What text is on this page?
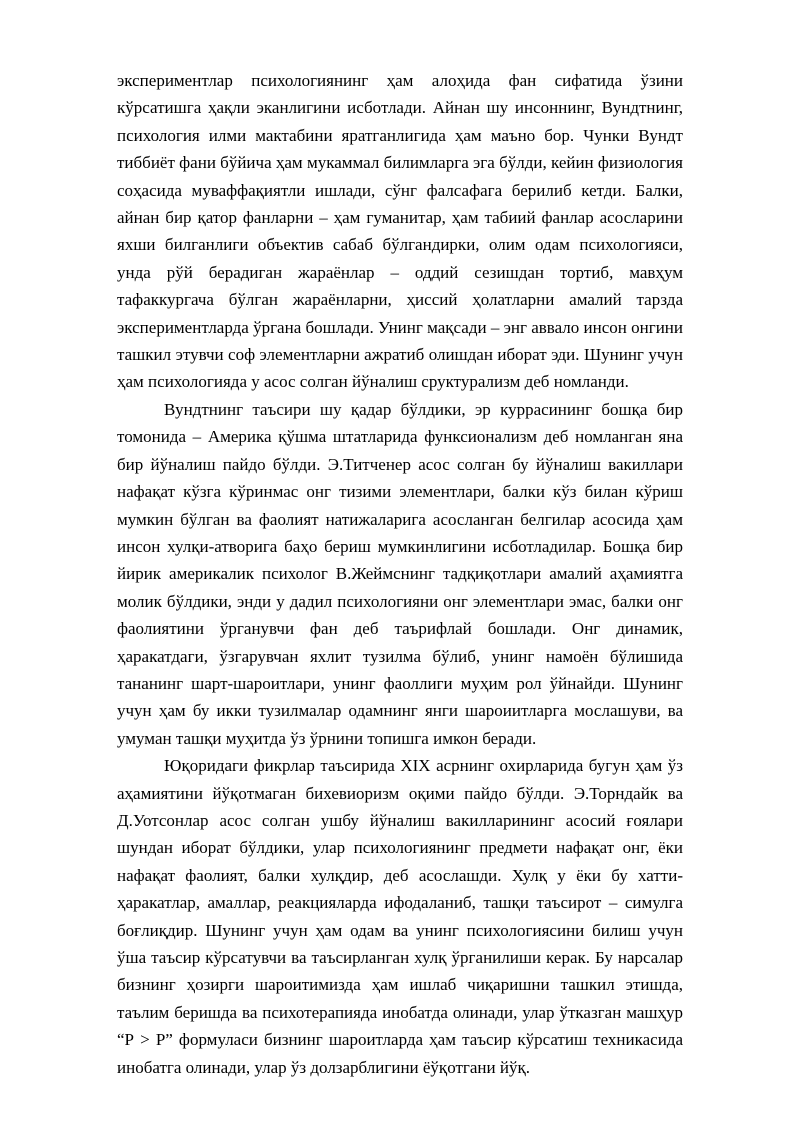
экспериментлар психологиянинг ҳам алоҳида фан сифатида ўзини кўрсатишга ҳақли эканлигини исботлади. Айнан шу инсоннинг, Вундтнинг, психология илми мактабини яратганлигида ҳам маъно бор. Чунки Вундт тиббиёт фани бўйича ҳам мукаммал билимларга эга бўлди, кейин физиология соҳасида муваффақиятли ишлади, сўнг фалсафага берилиб кетди. Балки, айнан бир қатор фанларни – ҳам гуманитар, ҳам табиий фанлар асосларини яхши билганлиги объектив сабаб бўлгандирки, олим одам психологияси, унда рўй берадиган жараёнлар – оддий сезишдан тортиб, мавҳум тафаккургача бўлган жараёнларни, ҳиссий ҳолатларни амалий тарзда экспериментларда ўргана бошлади. Унинг мақсади – энг аввало инсон онгини ташкил этувчи соф элементларни ажратиб олишдан иборат эди. Шунинг учун ҳам психологияда у асос солган йўналиш сруктурализм деб номланди.

Вундтнинг таъсири шу қадар бўлдики, эр куррасининг бошқа бир томонида – Америка қўшма штатларида функсионализм деб номланган яна бир йўналиш пайдо бўлди. Э.Титченер асос солган бу йўналиш вакиллари нафақат кўзга кўринмас онг тизими элементлари, балки кўз билан кўриш мумкин бўлган ва фаолият натижаларига асосланган белгилар асосида ҳам инсон хулқи-атворига баҳо бериш мумкинлигини исботладилар. Бошқа бир йирик америкалик психолог В.Жеймснинг тадқиқотлари амалий аҳамиятга молик бўлдики, энди у дадил психологияни онг элементлари эмас, балки онг фаолиятини ўрганувчи фан деб таърифлай бошлади. Онг динамик, ҳаракатдаги, ўзгарувчан яхлит тузилма бўлиб, унинг намоён бўлишида тананинг шарт-шароитлари, унинг фаоллиги муҳим рол ўйнайди. Шунинг учун ҳам бу икки тузилмалар одамнинг янги шароиитларга мослашуви, ва умуман ташқи муҳитда ўз ўрнини топишга имкон беради.

Юқоридаги фикрлар таъсирида XIX асрнинг охирларида бугун ҳам ўз аҳамиятини йўқотмаган бихевиоризм оқими пайдо бўлди. Э.Торндайк ва Д.Уотсонлар асос солган ушбу йўналиш вакилларининг асосий ғоялари шундан иборат бўлдики, улар психологиянинг предмети нафақат онг, ёки нафақат фаолият, балки хулқдир, деб асослашди. Хулқ у ёки бу хатти-ҳаракатлар, амаллар, реакцияларда ифодаланиб, ташқи таъсирот – симулга боғлиқдир. Шунинг учун ҳам одам ва унинг психологиясини билиш учун ўша таъсир кўрсатувчи ва таъсирланган хулқ ўрганилиши керак. Бу нарсалар бизнинг ҳозирги шароитимизда ҳам ишлаб чиқаришни ташкил этишда, таълим беришда ва психотерапияда инобатда олинади, улар ўтказган машҳур “Р > Р” формуласи бизнинг шароитларда ҳам таъсир кўрсатиш техникасида инобатга олинади, улар ўз долзарблигини ёўқотгани йўқ.
